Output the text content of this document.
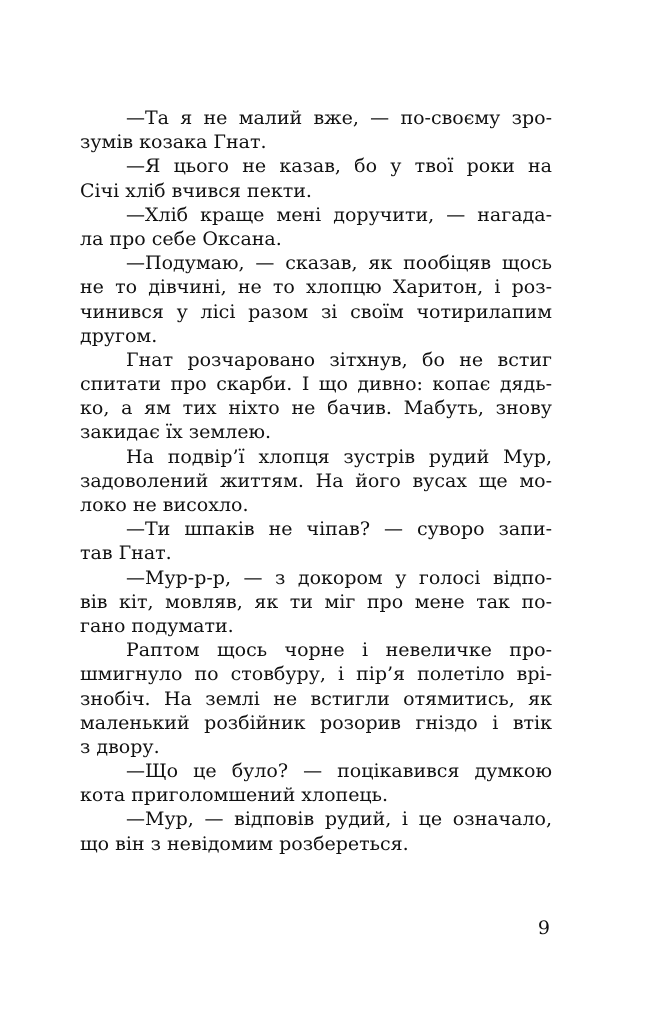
—Та я не малий вже, — по-своєму зро-
зумів козака Гнат.
—Я цього не казав, бо у твої роки на
Січі хліб вчився пекти.
—Хліб краще мені доручити, — нагада-
ла про себе Оксана.
—Подумаю, — сказав, як пообіцяв щось
не то дівчині, не то хлопцю Харитон, і роз-
чинився у лісі разом зі своїм чотирилапим
другом.
Гнат розчаровано зітхнув, бо не встиг
спитати про скарби. І що дивно: копає дядь-
ко, а ям тих ніхто не бачив. Мабуть, знову
закидає їх землею.
На подвір’ї хлопця зустрів рудий Мур,
задоволений життям. На його вусах ще мо-
локо не висохло.
—Ти шпаків не чіпав? — суворо запи-
тав Гнат.
—Мур-р-р, — з докором у голосі відпо-
вів кіт, мовляв, як ти міг про мене так по-
гано подумати.
Раптом щось чорне і невеличке про-
шмигнуло по стовбуру, і пір’я полетіло врі-
знобіч. На землі не встигли отямитись, як
маленький розбійник розорив гніздо і втік
з двору.
—Що це було? — поцікавився думкою
кота приголомшений хлопець.
—Мур, — відповів рудий, і це означало,
що він з невідомим розбереться.
9
